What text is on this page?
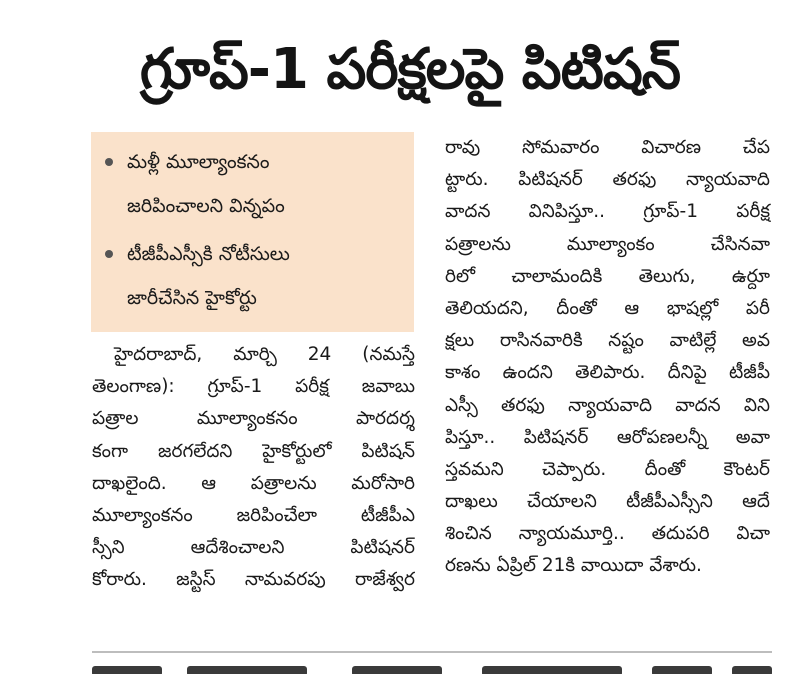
గ్రూప్‌-1 పరీక్షలపై పిటిషన్‌
మళ్లీ మూల్యాంకనం
జరిపించాలని విన్నపం
టీజీపీఎస్సీకి నోటీసులు
జారీచేసిన హైకోర్టు
హైదరాబాద్‌, మార్చి 24 (నమస్తే
తెలంగాణ): గ్రూప్‌-1 పరీక్ష జవాబు
పత్రాల మూల్యాంకనం పారదర్శ
కంగా జరగలేదని హైకోర్టులో పిటిషన్‌
దాఖలైంది. ఆ పత్రాలను మరోసారి
మూల్యాంకనం జరిపించేలా టీజీపీఎ
స్సీని ఆదేశించాలని పిటిషనర్‌
కోరారు. జస్టిస్‌ నామవరపు రాజేశ్వర
రావు సోమవారం విచారణ చేప
ట్టారు. పిటిషనర్‌ తరఫు న్యాయవాది
వాదన వినిపిస్తూ.. గ్రూప్‌-1 పరీక్ష
పత్రాలను మూల్యాంకం చేసినవా
రిలో చాలామందికి తెలుగు, ఉర్దూ
తెలియదని, దీంతో ఆ భాషల్లో పరీ
క్షలు రాసినవారికి నష్టం వాటిల్లే అవ
కాశం ఉందని తెలిపారు. దీనిపై టీజీపీ
ఎస్సీ తరఫు న్యాయవాది వాదన విని
పిస్తూ.. పిటిషనర్‌ ఆరోపణలన్నీ అవా
స్తవమని చెప్పారు. దీంతో కౌంటర్‌
దాఖలు చేయాలని టీజీపీఎస్సీని ఆదే
శించిన న్యాయమూర్తి.. తదుపరి విచా
రణను ఏప్రిల్‌ 21కి వాయిదా వేశారు.
